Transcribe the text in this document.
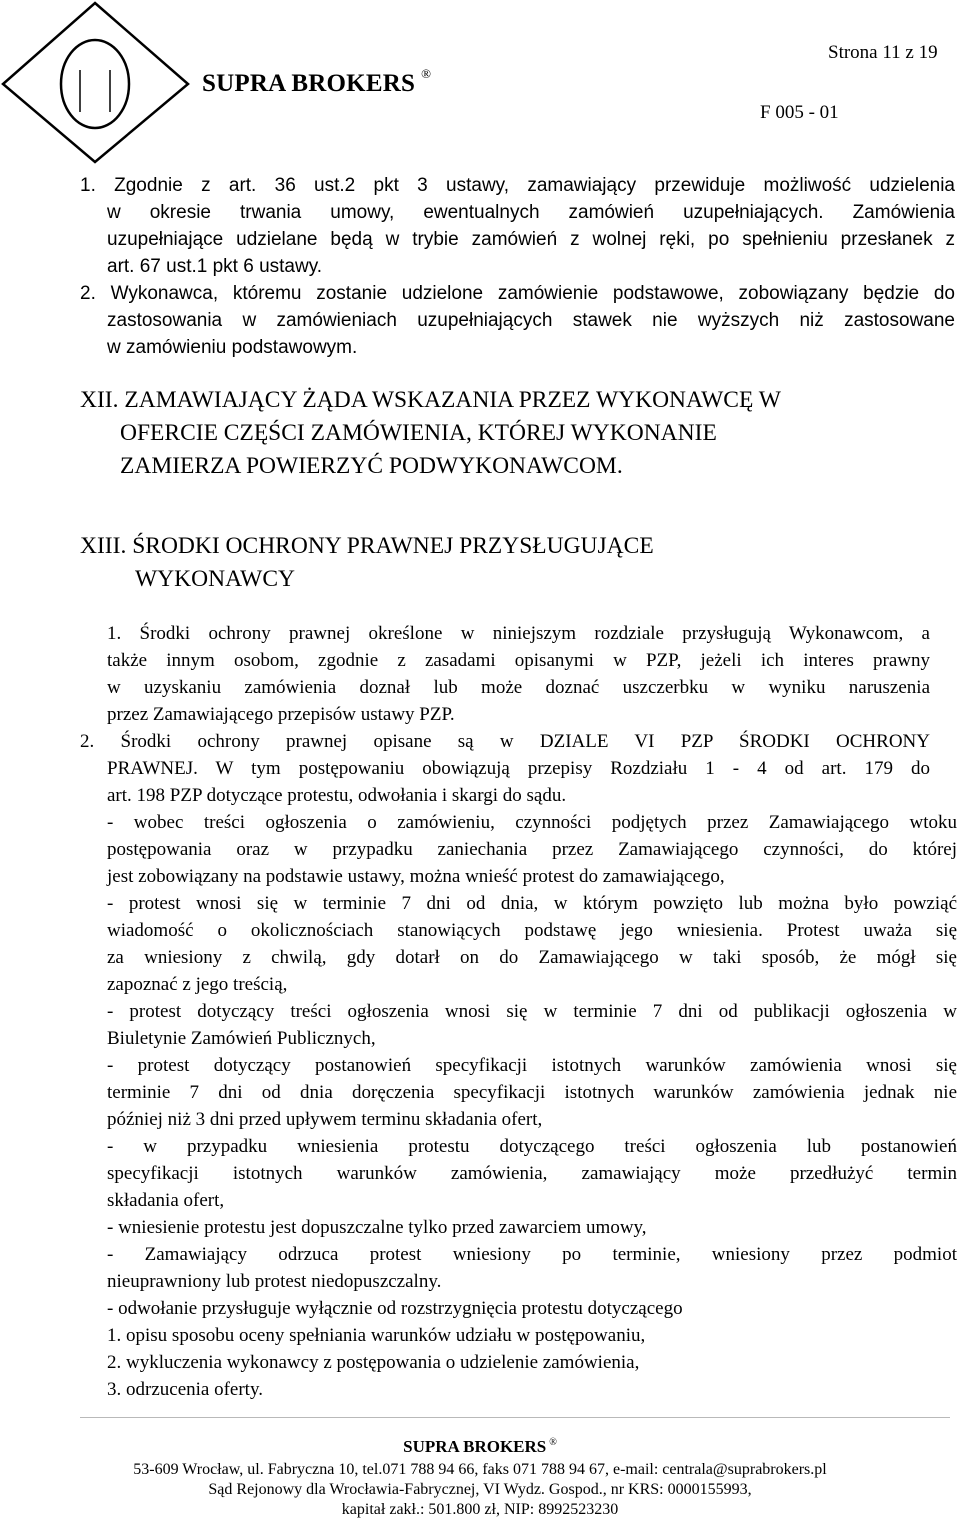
SUPRA BROKERS ®
Strona 11 z 19
F 005 - 01
1. Zgodnie z art. 36 ust.2 pkt 3 ustawy, zamawiający przewiduje możliwość udzielenia
w okresie trwania umowy, ewentualnych zamówień uzupełniających. Zamówienia
uzupełniające udzielane będą w trybie zamówień z wolnej ręki, po spełnieniu przesłanek z
art. 67 ust.1 pkt 6 ustawy.
2. Wykonawca, któremu zostanie udzielone zamówienie podstawowe, zobowiązany będzie do
zastosowania w zamówieniach uzupełniających stawek nie wyższych niż zastosowane
w zamówieniu podstawowym.
XII. ZAMAWIAJĄCY ŻĄDA WSKAZANIA PRZEZ WYKONAWCĘ W
OFERCIE CZĘŚCI ZAMÓWIENIA, KTÓREJ WYKONANIE
ZAMIERZA POWIERZYĆ PODWYKONAWCOM.
XIII. ŚRODKI OCHRONY PRAWNEJ PRZYSŁUGUJĄCE
WYKONAWCY
1. Środki ochrony prawnej określone w niniejszym rozdziale przysługują Wykonawcom, a
także innym osobom, zgodnie z zasadami opisanymi w PZP, jeżeli ich interes prawny
w uzyskaniu zamówienia doznał lub może doznać uszczerbku w wyniku naruszenia
przez Zamawiającego przepisów ustawy PZP.
2. Środki ochrony prawnej opisane są w DZIALE VI PZP ŚRODKI OCHRONY
PRAWNEJ. W tym postępowaniu obowiązują przepisy Rozdziału 1 - 4 od art. 179 do
art. 198 PZP dotyczące protestu, odwołania i skargi do sądu.
- wobec treści ogłoszenia o zamówieniu, czynności podjętych przez Zamawiającego wtoku
postępowania oraz w przypadku zaniechania przez Zamawiającego czynności, do której
jest zobowiązany na podstawie ustawy, można wnieść protest do zamawiającego,
- protest wnosi się w terminie 7 dni od dnia, w którym powzięto lub można było powziąć
wiadomość o okolicznościach stanowiących podstawę jego wniesienia. Protest uważa się
za wniesiony z chwilą, gdy dotarł on do Zamawiającego w taki sposób, że mógł się
zapoznać z jego treścią,
- protest dotyczący treści ogłoszenia wnosi się w terminie 7 dni od publikacji ogłoszenia w
Biuletynie Zamówień Publicznych,
- protest dotyczący postanowień specyfikacji istotnych warunków zamówienia wnosi się
terminie 7 dni od dnia doręczenia specyfikacji istotnych warunków zamówienia jednak nie
później niż 3 dni przed upływem terminu składania ofert,
- w przypadku wniesienia protestu dotyczącego treści ogłoszenia lub postanowień
specyfikacji istotnych warunków zamówienia, zamawiający może przedłużyć termin
składania ofert,
- wniesienie protestu jest dopuszczalne tylko przed zawarciem umowy,
- Zamawiający odrzuca protest wniesiony po terminie, wniesiony przez podmiot
nieuprawniony lub protest niedopuszczalny.
- odwołanie przysługuje wyłącznie od rozstrzygnięcia protestu dotyczącego
1. opisu sposobu oceny spełniania warunków udziału w postępowaniu,
2. wykluczenia wykonawcy z postępowania o udzielenie zamówienia,
3. odrzucenia oferty.
SUPRA BROKERS ®
53-609 Wrocław, ul. Fabryczna 10, tel.071 788 94 66, faks 071 788 94 67, e-mail: centrala@suprabrokers.pl
Sąd Rejonowy dla Wrocławia-Fabrycznej, VI Wydz. Gospod., nr KRS: 0000155993,
kapitał zakł.: 501.800 zł, NIP: 8992523230
